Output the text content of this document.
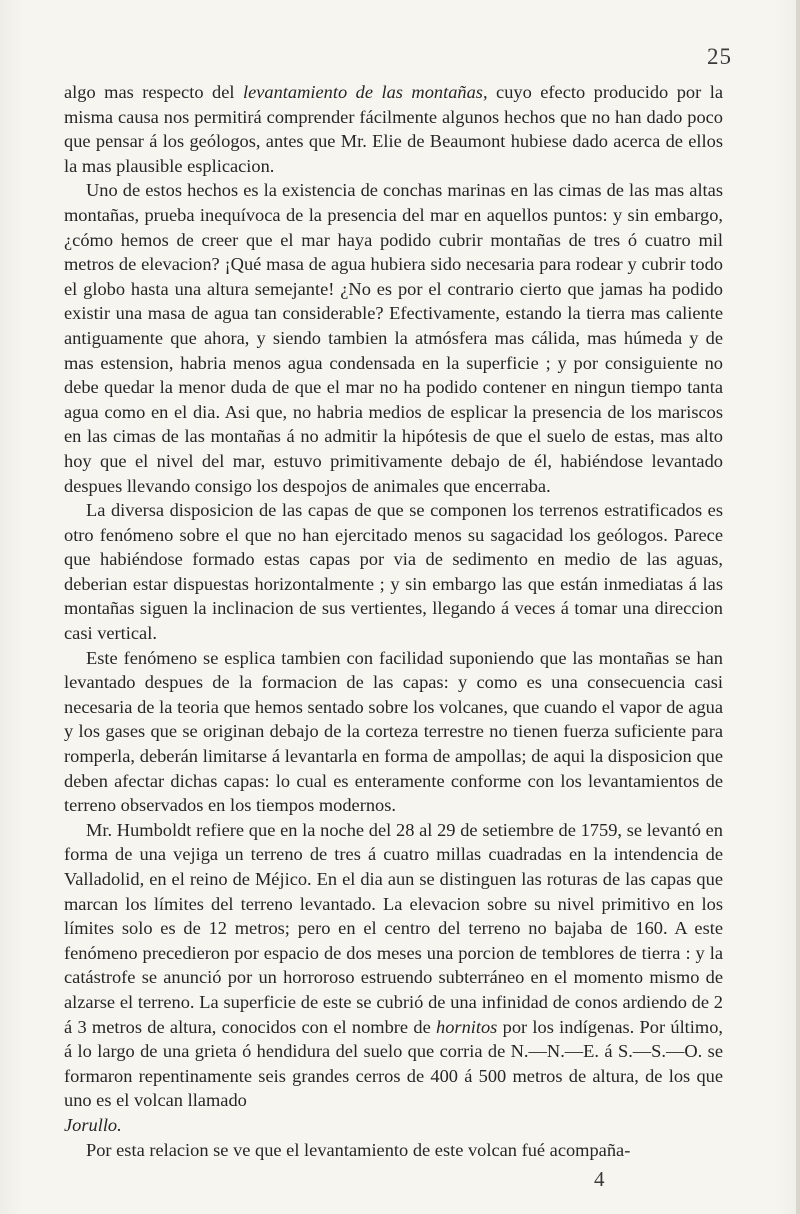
25

algo mas respecto del levantamiento de las montañas, cuyo efecto producido por la misma causa nos permitirá comprender fácilmente algunos hechos que no han dado poco que pensar á los geólogos, antes que Mr. Elie de Beaumont hubiese dado acerca de ellos la mas plausible esplicacion.

Uno de estos hechos es la existencia de conchas marinas en las cimas de las mas altas montañas, prueba inequívoca de la presencia del mar en aquellos puntos: y sin embargo, ¿cómo hemos de creer que el mar haya podido cubrir montañas de tres ó cuatro mil metros de elevacion? ¡Qué masa de agua hubiera sido necesaria para rodear y cubrir todo el globo hasta una altura semejante! ¿No es por el contrario cierto que jamas ha podido existir una masa de agua tan considerable? Efectivamente, estando la tierra mas caliente antiguamente que ahora, y siendo tambien la atmósfera mas cálida, mas húmeda y de mas estension, habria menos agua condensada en la superficie ; y por consiguiente no debe quedar la menor duda de que el mar no ha podido contener en ningun tiempo tanta agua como en el dia. Asi que, no habria medios de esplicar la presencia de los mariscos en las cimas de las montañas á no admitir la hipótesis de que el suelo de estas, mas alto hoy que el nivel del mar, estuvo primitivamente debajo de él, habiéndose levantado despues llevando consigo los despojos de animales que encerraba.

La diversa disposicion de las capas de que se componen los terrenos estratificados es otro fenómeno sobre el que no han ejercitado menos su sagacidad los geólogos. Parece que habiéndose formado estas capas por via de sedimento en medio de las aguas, deberian estar dispuestas horizontalmente ; y sin embargo las que están inmediatas á las montañas siguen la inclinacion de sus vertientes, llegando á veces á tomar una direccion casi vertical.

Este fenómeno se esplica tambien con facilidad suponiendo que las montañas se han levantado despues de la formacion de las capas: y como es una consecuencia casi necesaria de la teoria que hemos sentado sobre los volcanes, que cuando el vapor de agua y los gases que se originan debajo de la corteza terrestre no tienen fuerza suficiente para romperla, deberán limitarse á levantarla en forma de ampollas; de aqui la disposicion que deben afectar dichas capas: lo cual es enteramente conforme con los levantamientos de terreno observados en los tiempos modernos.

Mr. Humboldt refiere que en la noche del 28 al 29 de setiembre de 1759, se levantó en forma de una vejiga un terreno de tres á cuatro millas cuadradas en la intendencia de Valladolid, en el reino de Méjico. En el dia aun se distinguen las roturas de las capas que marcan los límites del terreno levantado. La elevacion sobre su nivel primitivo en los límites solo es de 12 metros; pero en el centro del terreno no bajaba de 160. A este fenómeno precedieron por espacio de dos meses una porcion de temblores de tierra : y la catástrofe se anunció por un horroroso estruendo subterráneo en el momento mismo de alzarse el terreno. La superficie de este se cubrió de una infinidad de conos ardiendo de 2 á 3 metros de altura, conocidos con el nombre de hornitos por los indígenas. Por último, á lo largo de una grieta ó hendidura del suelo que corria de N.—N.—E. á S.—S.—O. se formaron repentinamente seis grandes cerros de 400 á 500 metros de altura, de los que uno es el volcan llamado
Jorullo.

Por esta relacion se ve que el levantamiento de este volcan fué acompaña-

4
